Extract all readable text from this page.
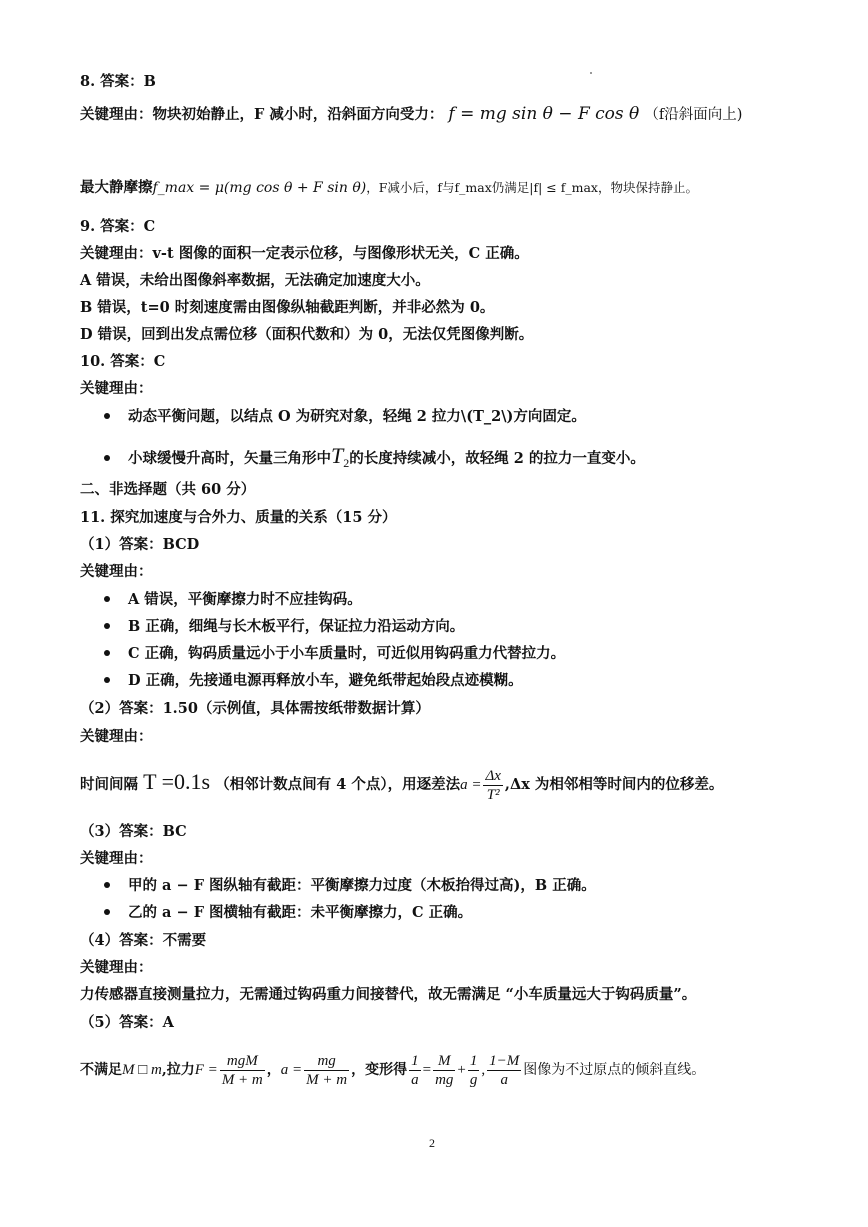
8. 答案：B
关键理由：物块初始静止，F 减小时，沿斜面方向受力： f = mg sin θ − F cos θ （f沿斜面向上)
最大静摩擦f_max = μ(mg cos θ + F sin θ)，F减小后，f与f_max仍满足|f| ≤ f_max，物块保持静止。
9. 答案：C
关键理由：v-t 图像的面积一定表示位移，与图像形状无关，C 正确。
A 错误，未给出图像斜率数据，无法确定加速度大小。
B 错误，t=0 时刻速度需由图像纵轴截距判断，并非必然为 0。
D 错误，回到出发点需位移（面积代数和）为 0，无法仅凭图像判断。
10. 答案：C
关键理由：
动态平衡问题，以结点 O 为研究对象，轻绳 2 拉力\(T_2\)方向固定。
小球缓慢升高时，矢量三角形中$T_2$的长度持续减小，故轻绳 2 的拉力一直变小。
二、非选择题（共 60 分）
11. 探究加速度与合外力、质量的关系（15 分）
（1）答案：BCD
关键理由：
A 错误，平衡摩擦力时不应挂钩码。
B 正确，细绳与长木板平行，保证拉力沿运动方向。
C 正确，钩码质量远小于小车质量时，可近似用钩码重力代替拉力。
D 正确，先接通电源再释放小车，避免纸带起始段点迹模糊。
（2）答案：1.50（示例值，具体需按纸带数据计算）
关键理由：
时间间隔 T =0.1s （相邻计数点间有 4 个点），用逐差法$a = \frac{\Delta x}{\text{T²}} ,\Delta x$ 为相邻相等时间内的位移差。
（3）答案：BC
关键理由：
甲的 a − F 图纵轴有截距：平衡摩擦力过度（木板抬得过高)，B 正确。
乙的 a − F 图横轴有截距：未平衡摩擦力，C 正确。
（4）答案：不需要
关键理由：
力传感器直接测量拉力，无需通过钩码重力间接替代，故无需满足 “小车质量远大于钩码质量”。
（5）答案：A
不满足M □ m,拉力$F = \frac{\text{mgM}}{M + m}$ ，$a = \frac{mg}{M + m}$ ，变形得 $\frac{1}{a} = \frac{M}{mg} + \frac{1}{g}$ , $\frac{1-M}{a}$ 图像为不过原点的倾斜直线。
2
